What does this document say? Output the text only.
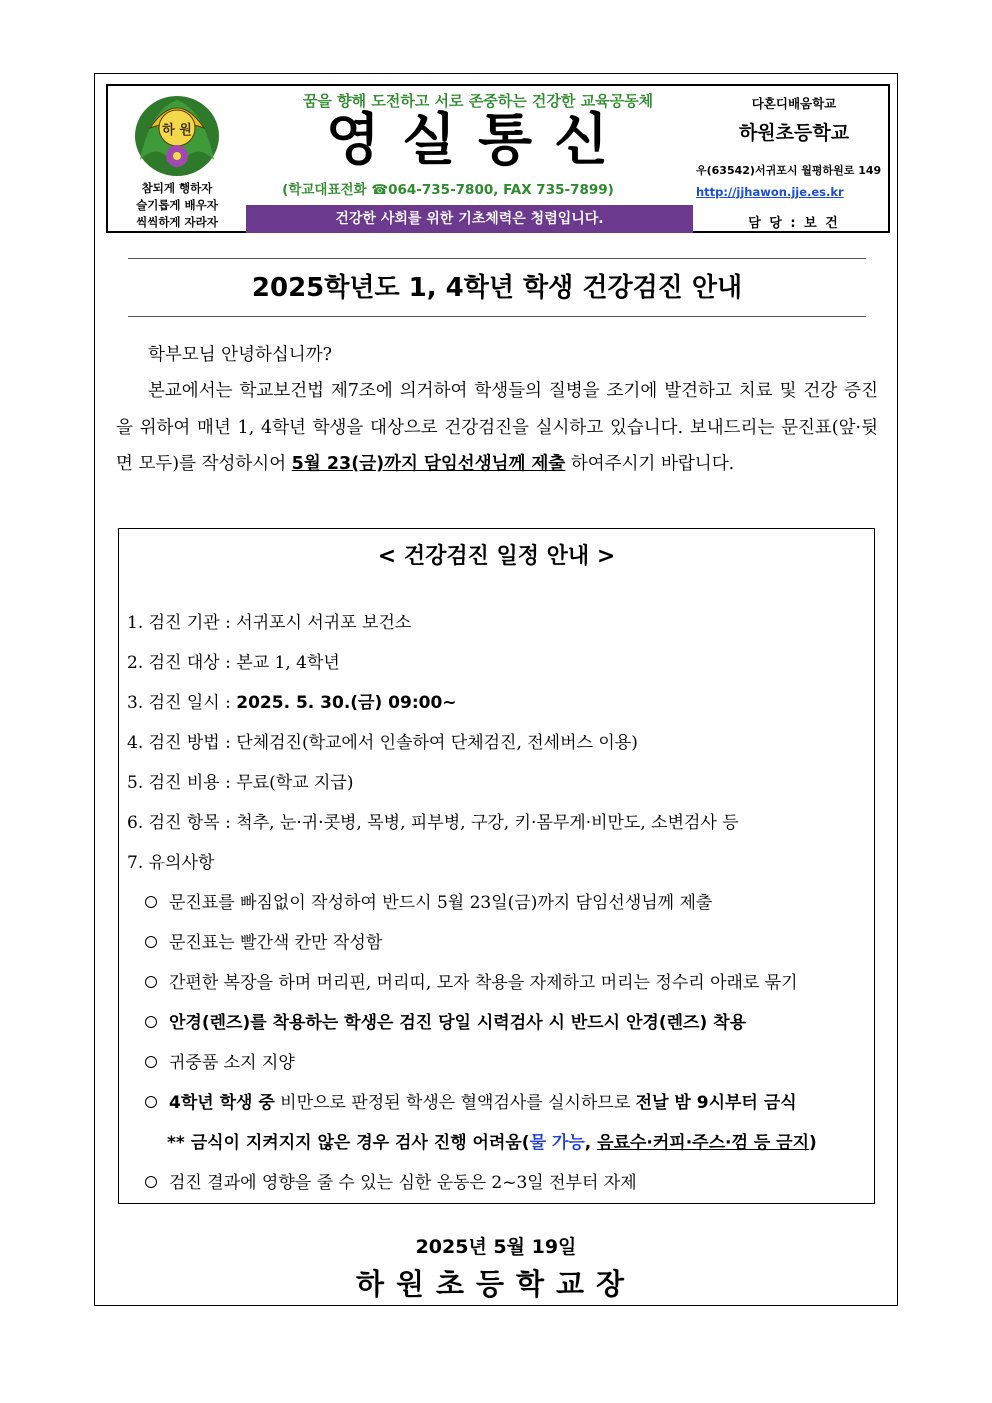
하 원
참되게 행하자
슬기롭게 배우자
씩씩하게 자라자
꿈을 향해 도전하고 서로 존중하는 건강한 교육공동체
영실통신
(학교대표전화 ☎064-735-7800, FAX 735-7899)
건강한 사회를 위한 기초체력은 청렴입니다.
다혼디배움학교
하원초등학교
우(63542)서귀포시 월평하원로 149
http://jjhawon.jje.es.kr
담 당 : 보 건
2025학년도 1, 4학년 학생 건강검진 안내

학부모님 안녕하십니까?

본교에서는 학교보건법 제7조에 의거하여 학생들의 질병을 조기에 발견하고 치료 및 건강 증진을 위하여 매년 1, 4학년 학생을 대상으로 건강검진을 실시하고 있습니다. 보내드리는 문진표(앞·뒷면 모두)를 작성하시어 5월 23(금)까지 담임선생님께 제출 하여주시기 바랍니다.

< 건강검진 일정 안내 >
1. 검진 기관 : 서귀포시 서귀포 보건소
2. 검진 대상 : 본교 1, 4학년
3. 검진 일시 : 2025. 5. 30.(금) 09:00~
4. 검진 방법 : 단체검진(학교에서 인솔하여 단체검진, 전세버스 이용)
5. 검진 비용 : 무료(학교 지급)
6. 검진 항목 : 척추, 눈·귀·콧병, 목병, 피부병, 구강, 키·몸무게·비만도, 소변검사 등
7. 유의사항
문진표를 빠짐없이 작성하여 반드시 5월 23일(금)까지 담임선생님께 제출
문진표는 빨간색 칸만 작성함
간편한 복장을 하며 머리핀, 머리띠, 모자 착용을 자제하고 머리는 정수리 아래로 묶기
안경(렌즈)를 착용하는 학생은 검진 당일 시력검사 시 반드시 안경(렌즈) 착용
귀중품 소지 지양
4학년 학생 중 비만으로 판정된 학생은 혈액검사를 실시하므로 전날 밤 9시부터 금식
** 금식이 지켜지지 않은 경우 검사 진행 어려움(물 가능, 음료수·커피·주스·껌 등 금지)
검진 결과에 영향을 줄 수 있는 심한 운동은 2~3일 전부터 자제
2025년 5월 19일
하원초등학교장
